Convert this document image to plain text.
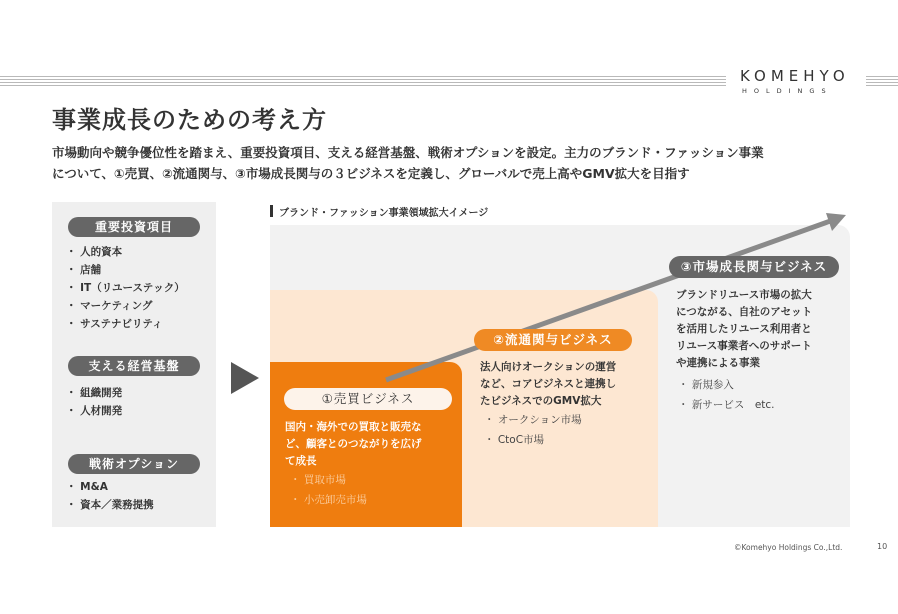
KOMEHYO
HOLDINGS
事業成長のための考え方
市場動向や競争優位性を踏まえ、重要投資項目、支える経営基盤、戦術オプションを設定。主力のブランド・ファッション事業
について、①売買、②流通関与、③市場成長関与の３ビジネスを定義し、グローバルで売上高やGMV拡大を目指す
重要投資項目
・ 人的資本
・ 店舗
・ IT（リユーステック）
・ マーケティング
・ サステナビリティ
支える経営基盤
・ 組織開発
・ 人材開発
戦術オプション
・ M&A
・ 資本／業務提携
ブランド・ファッション事業領域拡大イメージ
①売買ビジネス
国内・海外での買取と販売な
ど、顧客とのつながりを広げ
て成長
・ 買取市場
・ 小売卸売市場
②流通関与ビジネス
法人向けオークションの運営
など、コアビジネスと連携し
たビジネスでのGMV拡大
・ オークション市場
・ CtoC市場
③市場成長関与ビジネス
ブランドリユース市場の拡大
につながる、自社のアセット
を活用したリユース利用者と
リユース事業者へのサポート
や連携による事業
・ 新規参入
・ 新サービス　etc.
©Komehyo Holdings Co.,Ltd.	10
